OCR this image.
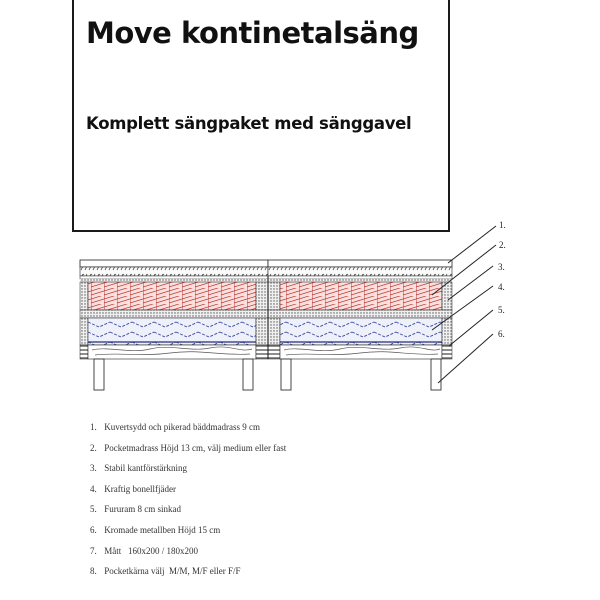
Move kontinetalsäng
Komplett sängpaket med sänggavel
1.
2.
3.
4.
5.
6.
1. Kuvertsydd och pikerad bäddmadrass 9 cm
2. Pocketmadrass Höjd 13 cm, välj medium eller fast
3. Stabil kantförstärkning
4. Kraftig bonellfjäder
5. Fururam 8 cm sinkad
6. Kromade metallben Höjd 15 cm
7. Mått   160x200 / 180x200
8. Pocketkärna välj  M/M, M/F eller F/F
